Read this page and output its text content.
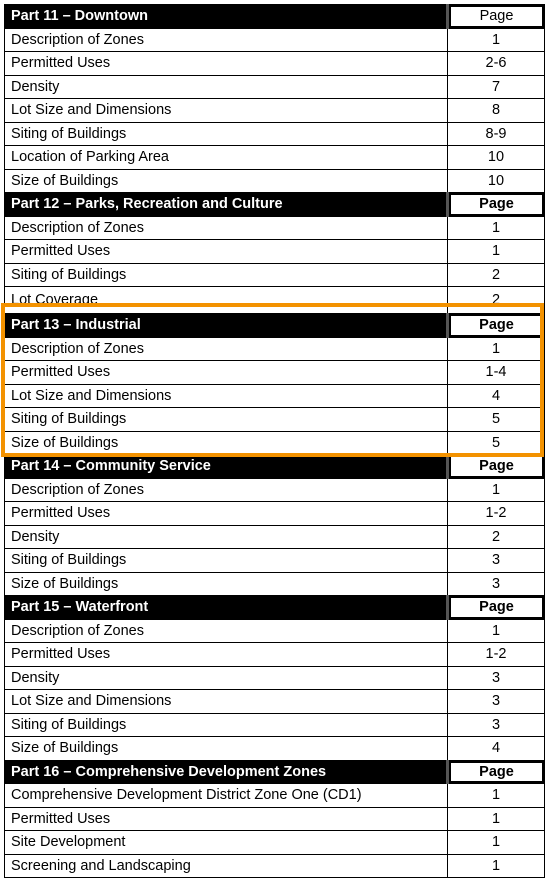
Part 11 – Downtown	Page
Description of Zones	1
Permitted Uses	2-6
Density	7
Lot Size and Dimensions	8
Siting of Buildings	8-9
Location of Parking Area	10
Size of Buildings	10
Part 12 – Parks, Recreation and Culture	Page
Description of Zones	1
Permitted Uses	1
Siting of Buildings	2
Lot Coverage	2
Part 13 – Industrial	Page
Description of Zones	1
Permitted Uses	1-4
Lot Size and Dimensions	4
Siting of Buildings	5
Size of Buildings	5
Part 14 – Community Service	Page
Description of Zones	1
Permitted Uses	1-2
Density	2
Siting of Buildings	3
Size of Buildings	3
Part 15 – Waterfront	Page
Description of Zones	1
Permitted Uses	1-2
Density	3
Lot Size and Dimensions	3
Siting of Buildings	3
Size of Buildings	4
Part 16 – Comprehensive Development Zones	Page
Comprehensive Development District Zone One (CD1)	1
Permitted Uses	1
Site Development	1
Screening and Landscaping	1
